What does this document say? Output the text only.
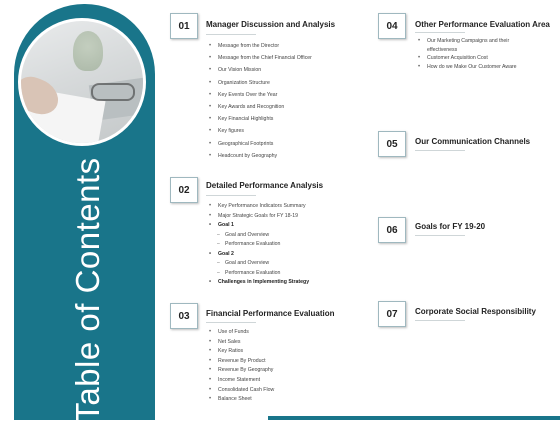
Table of Contents
01	Manager Discussion and Analysis
• Message from the Director
• Message from the Chief Financial Officer
• Our Vision Mission
• Organization Structure
• Key Events Over the Year
• Key Awards and Recognition
• Key Financial Highlights
• Key figures
• Geographical Footprints
• Headcount by Geography
02	Detailed Performance Analysis
• Key Performance Indicators Summary
• Major Strategic Goals for FY 18-19
• Goal 1
– Goal and Overview
– Performance Evaluation
• Goal 2
– Goal and Overview
– Performance Evaluation
• Challenges in Implementing Strategy
03	Financial Performance Evaluation
• Use of Funds
• Net Sales
• Key Ratios
• Revenue By Product
• Revenue By Geography
• Income Statement
• Consolidated Cash Flow
• Balance Sheet
04	Other Performance Evaluation Area
• Our Marketing Campaigns and their effectiveness
• Customer Acquisition Cost
• How do we Make Our Customer Aware
05	Our Communication Channels
06	Goals for FY 19-20
07	Corporate Social Responsibility
